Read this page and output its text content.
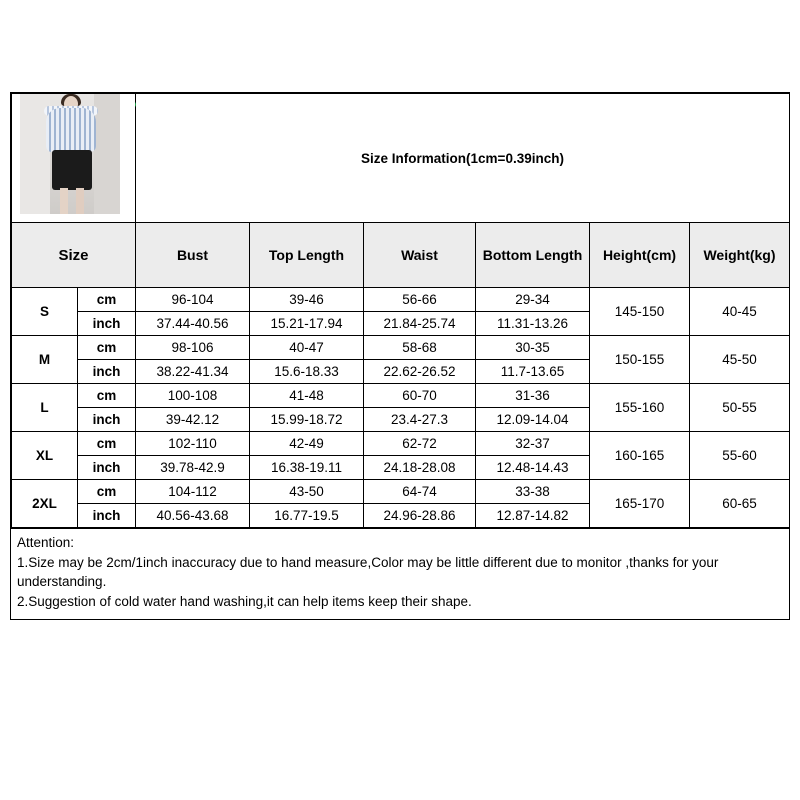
		Size Information(1cm=0.39inch)					
Size		Bust	Top Length	Waist	Bottom Length	Height(cm)	Weight(kg)
S	cm	96-104	39-46	56-66	29-34	145-150	40-45
	inch	37.44-40.56	15.21-17.94	21.84-25.74	11.31-13.26		
M	cm	98-106	40-47	58-68	30-35	150-155	45-50
	inch	38.22-41.34	15.6-18.33	22.62-26.52	11.7-13.65		
L	cm	100-108	41-48	60-70	31-36	155-160	50-55
	inch	39-42.12	15.99-18.72	23.4-27.3	12.09-14.04		
XL	cm	102-110	42-49	62-72	32-37	160-165	55-60
	inch	39.78-42.9	16.38-19.11	24.18-28.08	12.48-14.43		
2XL	cm	104-112	43-50	64-74	33-38	165-170	60-65
	inch	40.56-43.68	16.77-19.5	24.96-28.86	12.87-14.82		
Attention:
1.Size may be 2cm/1inch inaccuracy due to hand measure,Color may be little different due to monitor ,thanks for your understanding.
2.Suggestion of cold water hand washing,it can help items keep their shape.
